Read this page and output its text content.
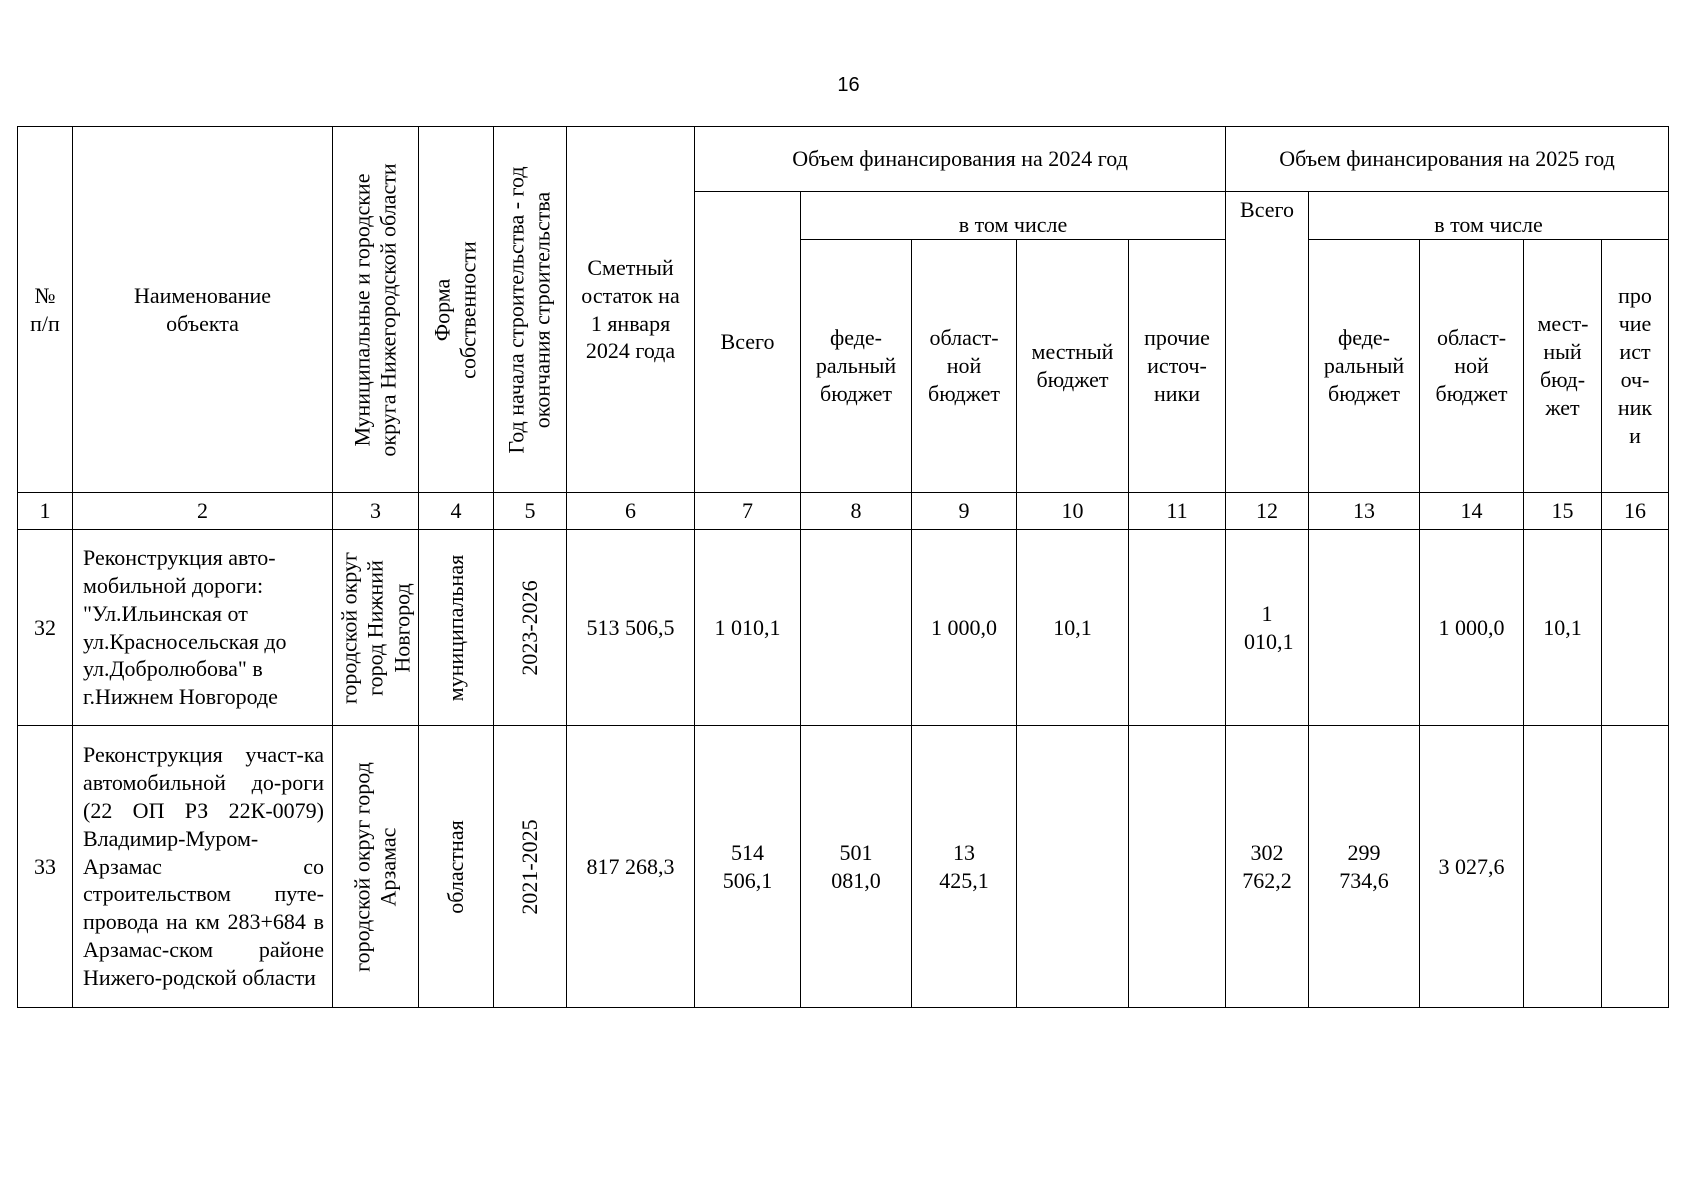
16
№ п/п	Наименование объекта	Муниципальные и городские округа Нижегородской области	Форма собственности	Год начала строительства - год окончания строительства	Сметный остаток на 1 января 2024 года	Объем финансирования на 2024 год					Объем финансирования на 2025 год				
						Всего	в том числе				Всего	в том числе			

							феде-ральный бюджет	област-ной бюджет	местный бюджет	прочие источ-ники		феде-ральный бюджет	област-ной бюджет	мест-ный бюд-жет	про чие ист оч-ник и

1	2	3	4	5	6	7	8	9	10	11	12	13	14	15	16
32	Реконструкция авто-мобильной дороги: "Ул.Ильинская от ул.Красносельская до ул.Добролюбова" в г.Нижнем Новгороде	городской округ город Нижний Новгород	муниципальная	2023-2026	513 506,5	1 010,1		1 000,0	10,1		1 010,1		1 000,0	10,1	
33	Реконструкция участ-ка автомобильной до-роги (22 ОП РЗ 22К-0079) Владимир-Муром-Арзамас со строительством путе-провода на км 283+684 в Арзамас-ском районе Нижего-родской области	городской округ город Арзамас	областная	2021-2025	817 268,3	514 506,1	501 081,0	13 425,1			302 762,2	299 734,6	3 027,6		
